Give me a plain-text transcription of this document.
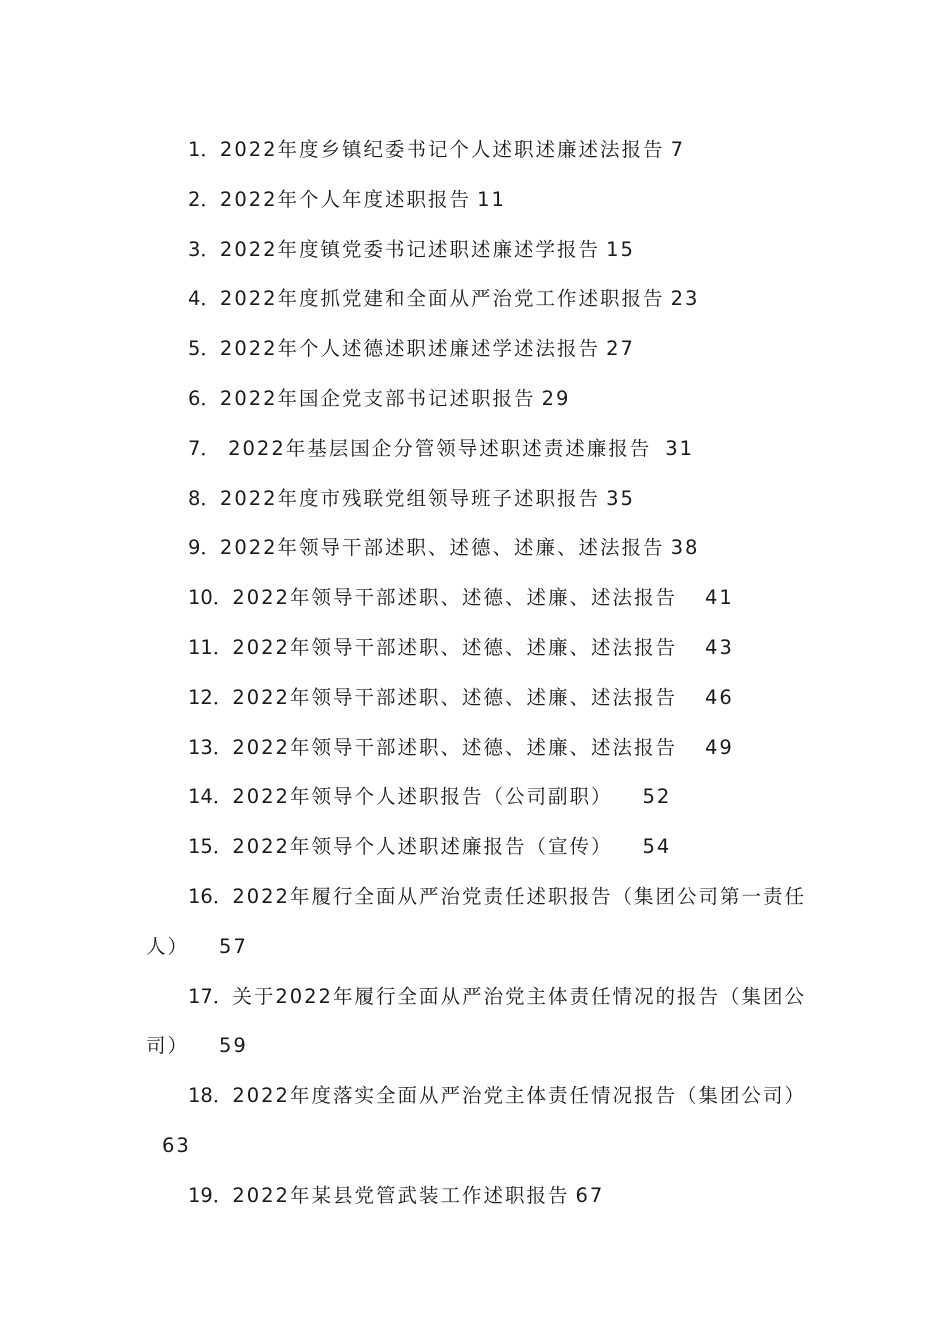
1．2022年度乡镇纪委书记个人述职述廉述法报告 7
2．2022年个人年度述职报告 11
3．2022年度镇党委书记述职述廉述学报告 15
4．2022年度抓党建和全面从严治党工作述职报告 23
5．2022年个人述德述职述廉述学述法报告 27
6．2022年国企党支部书记述职报告 29
7． 2022年基层国企分管领导述职述责述廉报告 31
8．2022年度市残联党组领导班子述职报告 35
9．2022年领导干部述职、述德、述廉、述法报告 38
10．2022年领导干部述职、述德、述廉、述法报告 41
11．2022年领导干部述职、述德、述廉、述法报告 43
12．2022年领导干部述职、述德、述廉、述法报告 46
13．2022年领导干部述职、述德、述廉、述法报告 49
14．2022年领导个人述职报告（公司副职） 52
15．2022年领导个人述职述廉报告（宣传） 54
16．2022年履行全面从严治党责任述职报告（集团公司第一责任人） 57
17．关于2022年履行全面从严治党主体责任情况的报告（集团公司） 59
18．2022年度落实全面从严治党主体责任情况报告（集团公司）63
19．2022年某县党管武装工作述职报告 67
